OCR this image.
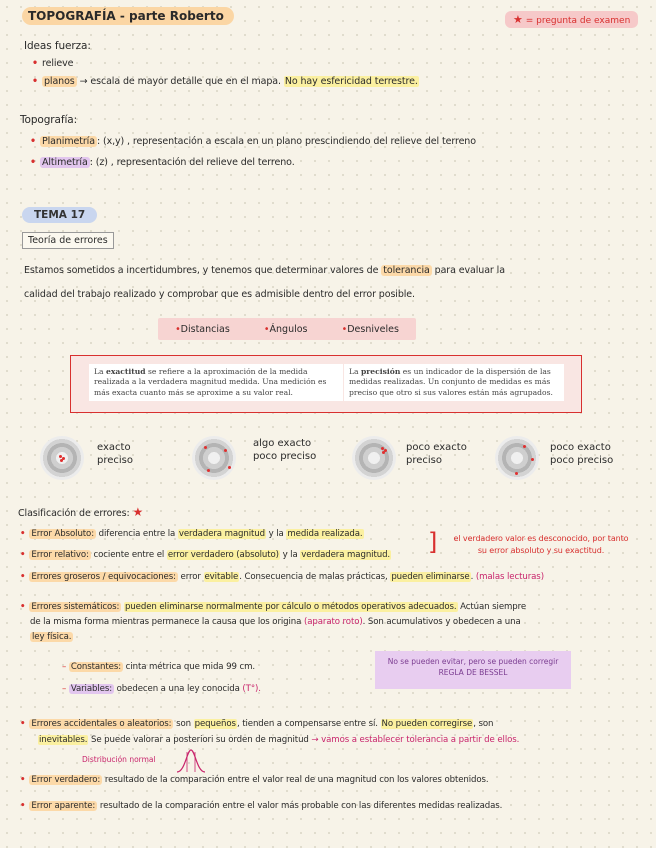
TOPOGRAFÍA - parte Roberto	★ = pregunta de examen
Ideas fuerza:
• relieve
• planos → escala de mayor detalle que en el mapa. No hay esfericidad terrestre.
Topografía:
• Planimetría : (x,y) , representación a escala en un plano prescindiendo del relieve del terreno
• Altimetría : (z) , representación del relieve del terreno.
TEMA 17
Teoría de errores
Estamos sometidos a incertidumbres, y tenemos que determinar valores de tolerancia para evaluar la
calidad del trabajo realizado y comprobar que es admisible dentro del error posible.
•Distancias	•Ángulos	•Desniveles
La exactitud se refiere a la aproximación de la medida realizada a la verdadera magnitud medida. Una medición es más exacta cuanto más se aproxime a su valor real.
La precisión es un indicador de la dispersión de las medidas realizadas. Un conjunto de medidas es más preciso que otro si sus valores están más agrupados.
exacto
preciso
algo exacto
poco preciso
poco exacto
preciso
poco exacto
poco preciso
Clasificación de errores: ★
• Error Absoluto: diferencia entre la verdadera magnitud y la medida realizada.
• Error relativo: cociente entre el error verdadero (absoluto) y la verdadera magnitud. ]	el verdadero valor es desconocido, por tanto
su error absoluto y su exactitud.
• Errores groseros / equivocaciones: error evitable. Consecuencia de malas prácticas, pueden eliminarse. (malas lecturas)
• Errores sistemáticos: pueden eliminarse normalmente por cálculo o métodos operativos adecuados. Actúan siempre
de la misma forma mientras permanece la causa que los origina (aparato roto). Son acumulativos y obedecen a una
ley física.
– Constantes: cinta métrica que mida 99 cm.
– Variables: obedecen a una ley conocida (T°).
No se pueden evitar, pero se pueden corregir
REGLA DE BESSEL
• Errores accidentales o aleatorios: son pequeños, tienden a compensarse entre sí. No pueden corregirse, son
inevitables. Se puede valorar a posteriori su orden de magnitud → vamos a establecer tolerancia a partir de ellos.
Distribución normal
• Error verdadero: resultado de la comparación entre el valor real de una magnitud con los valores obtenidos.
• Error aparente: resultado de la comparación entre el valor más probable con las diferentes medidas realizadas.
